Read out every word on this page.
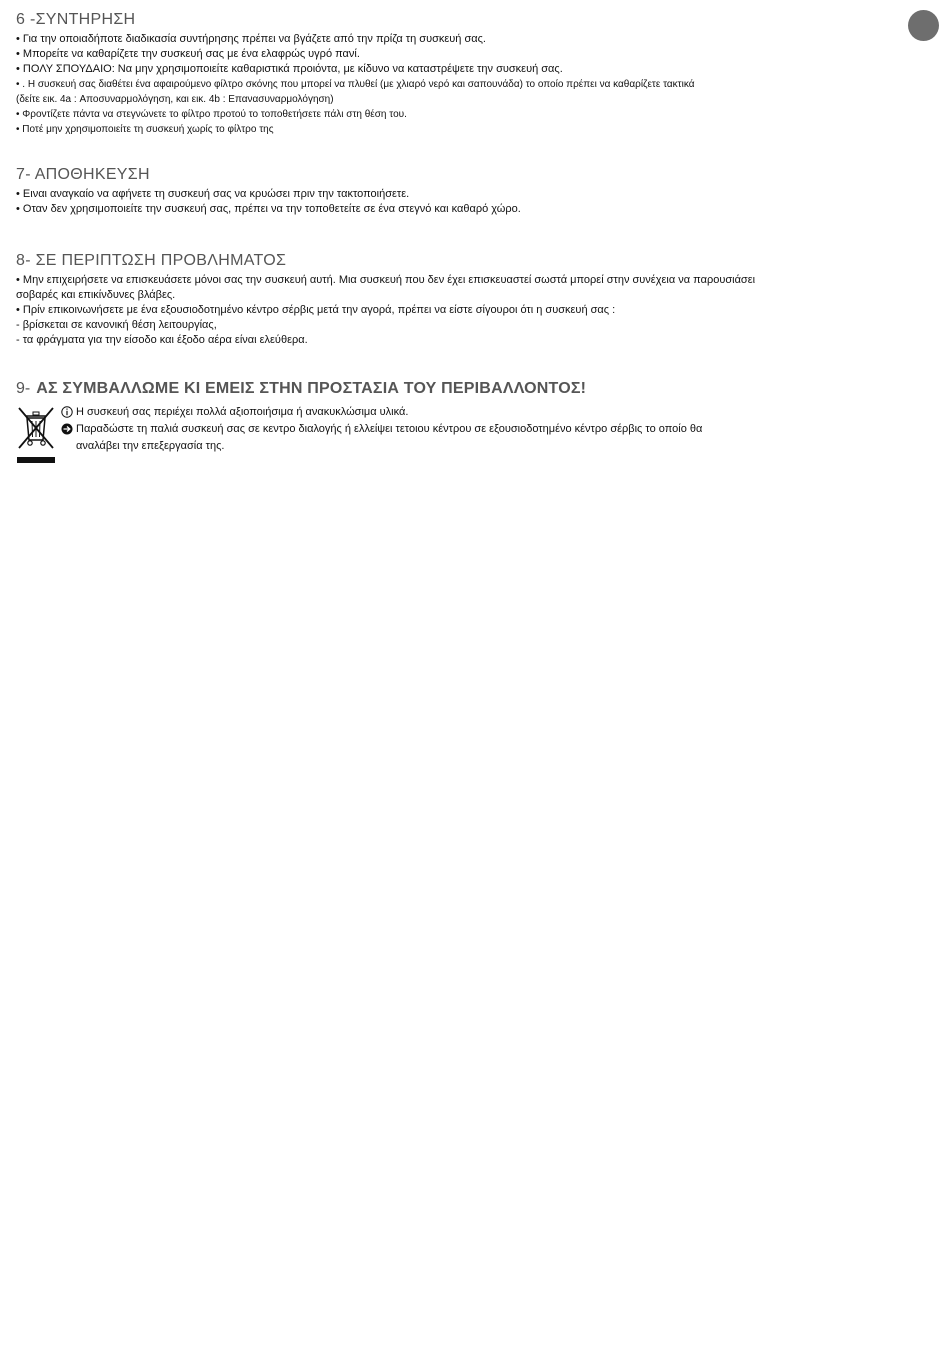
6 -ΣΥΝΤΗΡΗΣΗ

• Για την οποιαδήποτε διαδικασία συντήρησης πρέπει να βγάζετε από την πρίζα τη συσκευή σας.

• Μπορείτε να καθαρίζετε την συσκευή σας με ένα ελαφρώς υγρό πανί.

• ΠΟΛΥ ΣΠΟΥΔΑΙΟ: Να μην χρησιμοποιείτε καθαριστικά προιόντα, με κίδυνο να καταστρέψετε την συσκευή σας.

• . Η συσκευή σας διαθέτει ένα αφαιρούμενο φίλτρο σκόνης που μπορεί να πλυθεί (με χλιαρό νερό και σαπουνάδα) το οποίο πρέπει να καθαρίζετε τακτικά

(δείτε εικ. 4a : Αποσυναρμολόγηση, και εικ. 4b : Επανασυναρμολόγηση)

• Φροντίζετε πάντα να στεγνώνετε το φίλτρο προτού το τοποθετήσετε πάλι στη θέση του.

• Ποτέ μην χρησιμοποιείτε τη συσκευή χωρίς το φίλτρο της

7- ΑΠΟΘΗΚΕΥΣΗ

• Ειναι αναγκαίο να αφήνετε τη συσκευή σας να κρυώσει πριν την τακτοποιήσετε.

• Οταν δεν χρησιμοποιείτε την συσκευή σας, πρέπει να την τοποθετείτε σε ένα στεγνό και καθαρό χώρο.

8- ΣΕ ΠΕΡΙΠΤΩΣΗ ΠΡΟΒΛΗΜΑΤΟΣ

• Μην επιχειρήσετε να επισκευάσετε μόνοι σας την συσκευή αυτή. Μια συσκευή που δεν έχει επισκευαστεί σωστά μπορεί στην συνέχεια να παρουσιάσει

σοβαρές και επικίνδυνες βλάβες.

• Πρίν επικοινωνήσετε με ένα εξουσιοδοτημένο κέντρο σέρβις μετά την αγορά, πρέπει να είστε σίγουροι ότι η συσκευή σας :

- βρίσκεται σε κανονική θέση λειτουργίας,

- τα φράγματα για την είσοδο και έξοδο αέρα είναι ελεύθερα.

9- ΑΣ ΣΥΜΒΑΛΛΩΜΕ ΚΙ ΕΜΕΙΣ ΣΤΗΝ ΠΡΟΣΤΑΣΙΑ ΤΟΥ ΠΕΡΙΒΑΛΛΟΝΤΟΣ!
Η συσκευή σας περιέχει πολλά αξιοποιήσιμα ή ανακυκλώσιμα υλικά.
Παραδώστε τη παλιά συσκευή σας σε κεντρο διαλογής ή ελλείψει τετοιου κέντρου σε εξουσιοδοτημένο κέντρο σέρβις το οποίο θα
αναλάβει την επεξεργασία της.
